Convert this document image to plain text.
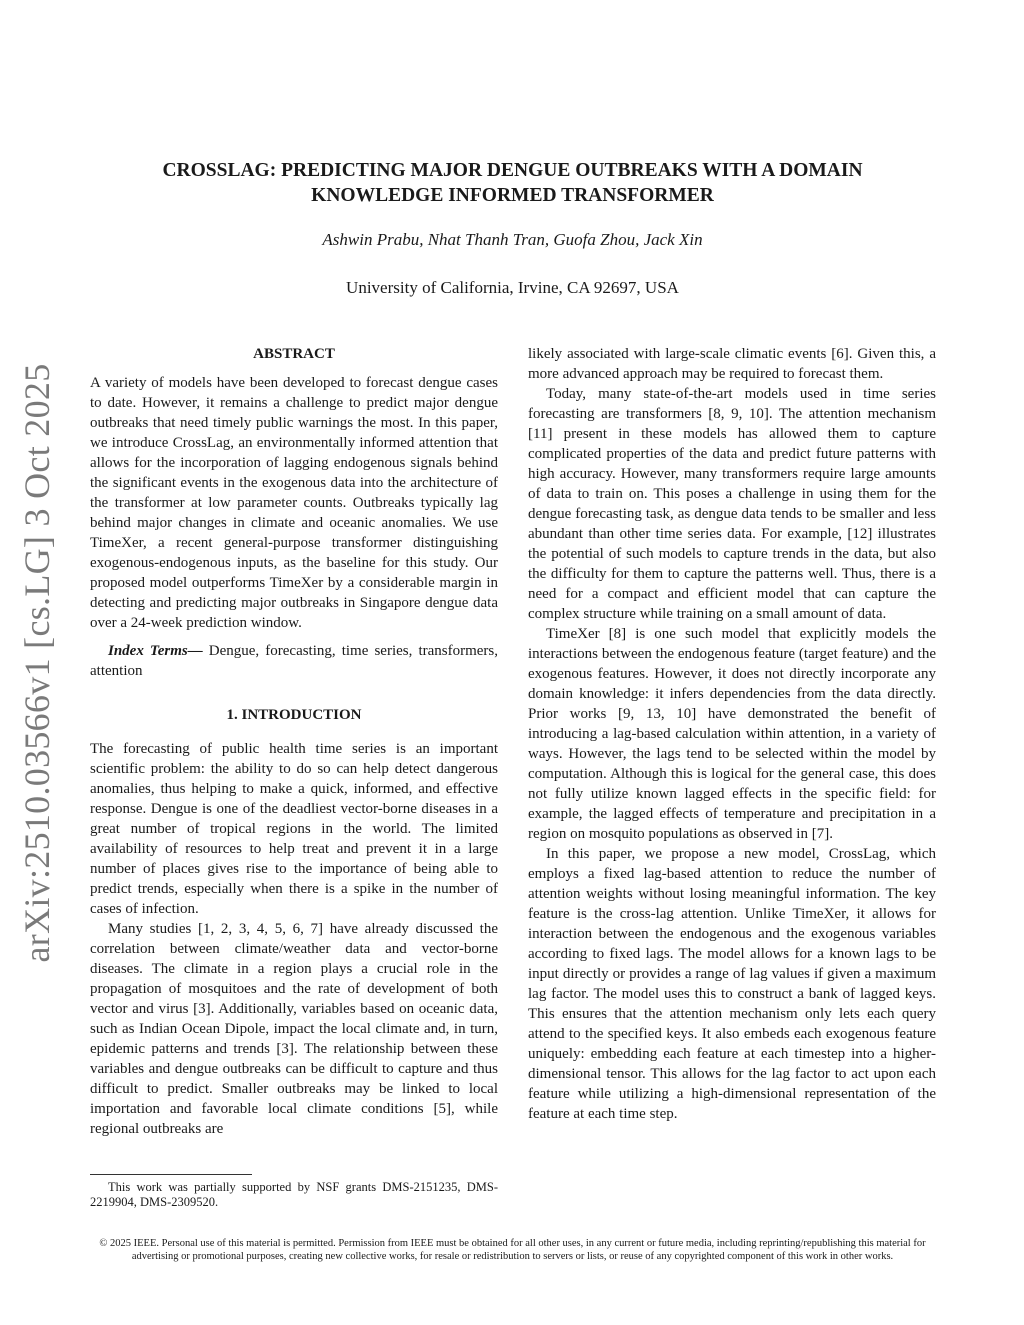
arXiv:2510.03566v1 [cs.LG] 3 Oct 2025
CROSSLAG: PREDICTING MAJOR DENGUE OUTBREAKS WITH A DOMAIN
KNOWLEDGE INFORMED TRANSFORMER
Ashwin Prabu, Nhat Thanh Tran, Guofa Zhou, Jack Xin
University of California, Irvine, CA 92697, USA
ABSTRACT

A variety of models have been developed to forecast dengue cases to date. However, it remains a challenge to predict major dengue outbreaks that need timely public warnings the most. In this paper, we introduce CrossLag, an environmentally informed attention that allows for the incorporation of lagging endogenous signals behind the significant events in the exogenous data into the architecture of the transformer at low parameter counts. Outbreaks typically lag behind major changes in climate and oceanic anomalies. We use TimeXer, a recent general-purpose transformer distinguishing exogenous-endogenous inputs, as the baseline for this study. Our proposed model outperforms TimeXer by a considerable margin in detecting and predicting major outbreaks in Singapore dengue data over a 24-week prediction window.

Index Terms— Dengue, forecasting, time series, transformers, attention

1. INTRODUCTION

The forecasting of public health time series is an important scientific problem: the ability to do so can help detect dangerous anomalies, thus helping to make a quick, informed, and effective response. Dengue is one of the deadliest vector-borne diseases in a great number of tropical regions in the world. The limited availability of resources to help treat and prevent it in a large number of places gives rise to the importance of being able to predict trends, especially when there is a spike in the number of cases of infection.

Many studies [1, 2, 3, 4, 5, 6, 7] have already discussed the correlation between climate/weather data and vector-borne diseases. The climate in a region plays a crucial role in the propagation of mosquitoes and the rate of development of both vector and virus [3]. Additionally, variables based on oceanic data, such as Indian Ocean Dipole, impact the local climate and, in turn, epidemic patterns and trends [3]. The relationship between these variables and dengue outbreaks can be difficult to capture and thus difficult to predict. Smaller outbreaks may be linked to local importation and favorable local climate conditions [5], while regional outbreaks are

likely associated with large-scale climatic events [6]. Given this, a more advanced approach may be required to forecast them.

Today, many state-of-the-art models used in time series forecasting are transformers [8, 9, 10]. The attention mechanism [11] present in these models has allowed them to capture complicated properties of the data and predict future patterns with high accuracy. However, many transformers require large amounts of data to train on. This poses a challenge in using them for the dengue forecasting task, as dengue data tends to be smaller and less abundant than other time series data. For example, [12] illustrates the potential of such models to capture trends in the data, but also the difficulty for them to capture the patterns well. Thus, there is a need for a compact and efficient model that can capture the complex structure while training on a small amount of data.

TimeXer [8] is one such model that explicitly models the interactions between the endogenous feature (target feature) and the exogenous features. However, it does not directly incorporate any domain knowledge: it infers dependencies from the data directly. Prior works [9, 13, 10] have demonstrated the benefit of introducing a lag-based calculation within attention, in a variety of ways. However, the lags tend to be selected within the model by computation. Although this is logical for the general case, this does not fully utilize known lagged effects in the specific field: for example, the lagged effects of temperature and precipitation in a region on mosquito populations as observed in [7].

In this paper, we propose a new model, CrossLag, which employs a fixed lag-based attention to reduce the number of attention weights without losing meaningful information. The key feature is the cross-lag attention. Unlike TimeXer, it allows for interaction between the endogenous and the exogenous variables according to fixed lags. The model allows for a known lags to be input directly or provides a range of lag values if given a maximum lag factor. The model uses this to construct a bank of lagged keys. This ensures that the attention mechanism only lets each query attend to the specified keys. It also embeds each exogenous feature uniquely: embedding each feature at each timestep into a higher-dimensional tensor. This allows for the lag factor to act upon each feature while utilizing a high-dimensional representation of the feature at each time step.

This work was partially supported by NSF grants DMS-2151235, DMS-2219904, DMS-2309520.
© 2025 IEEE. Personal use of this material is permitted. Permission from IEEE must be obtained for all other uses, in any current or future media, including reprinting/republishing this material for advertising or promotional purposes, creating new collective works, for resale or redistribution to servers or lists, or reuse of any copyrighted component of this work in other works.
